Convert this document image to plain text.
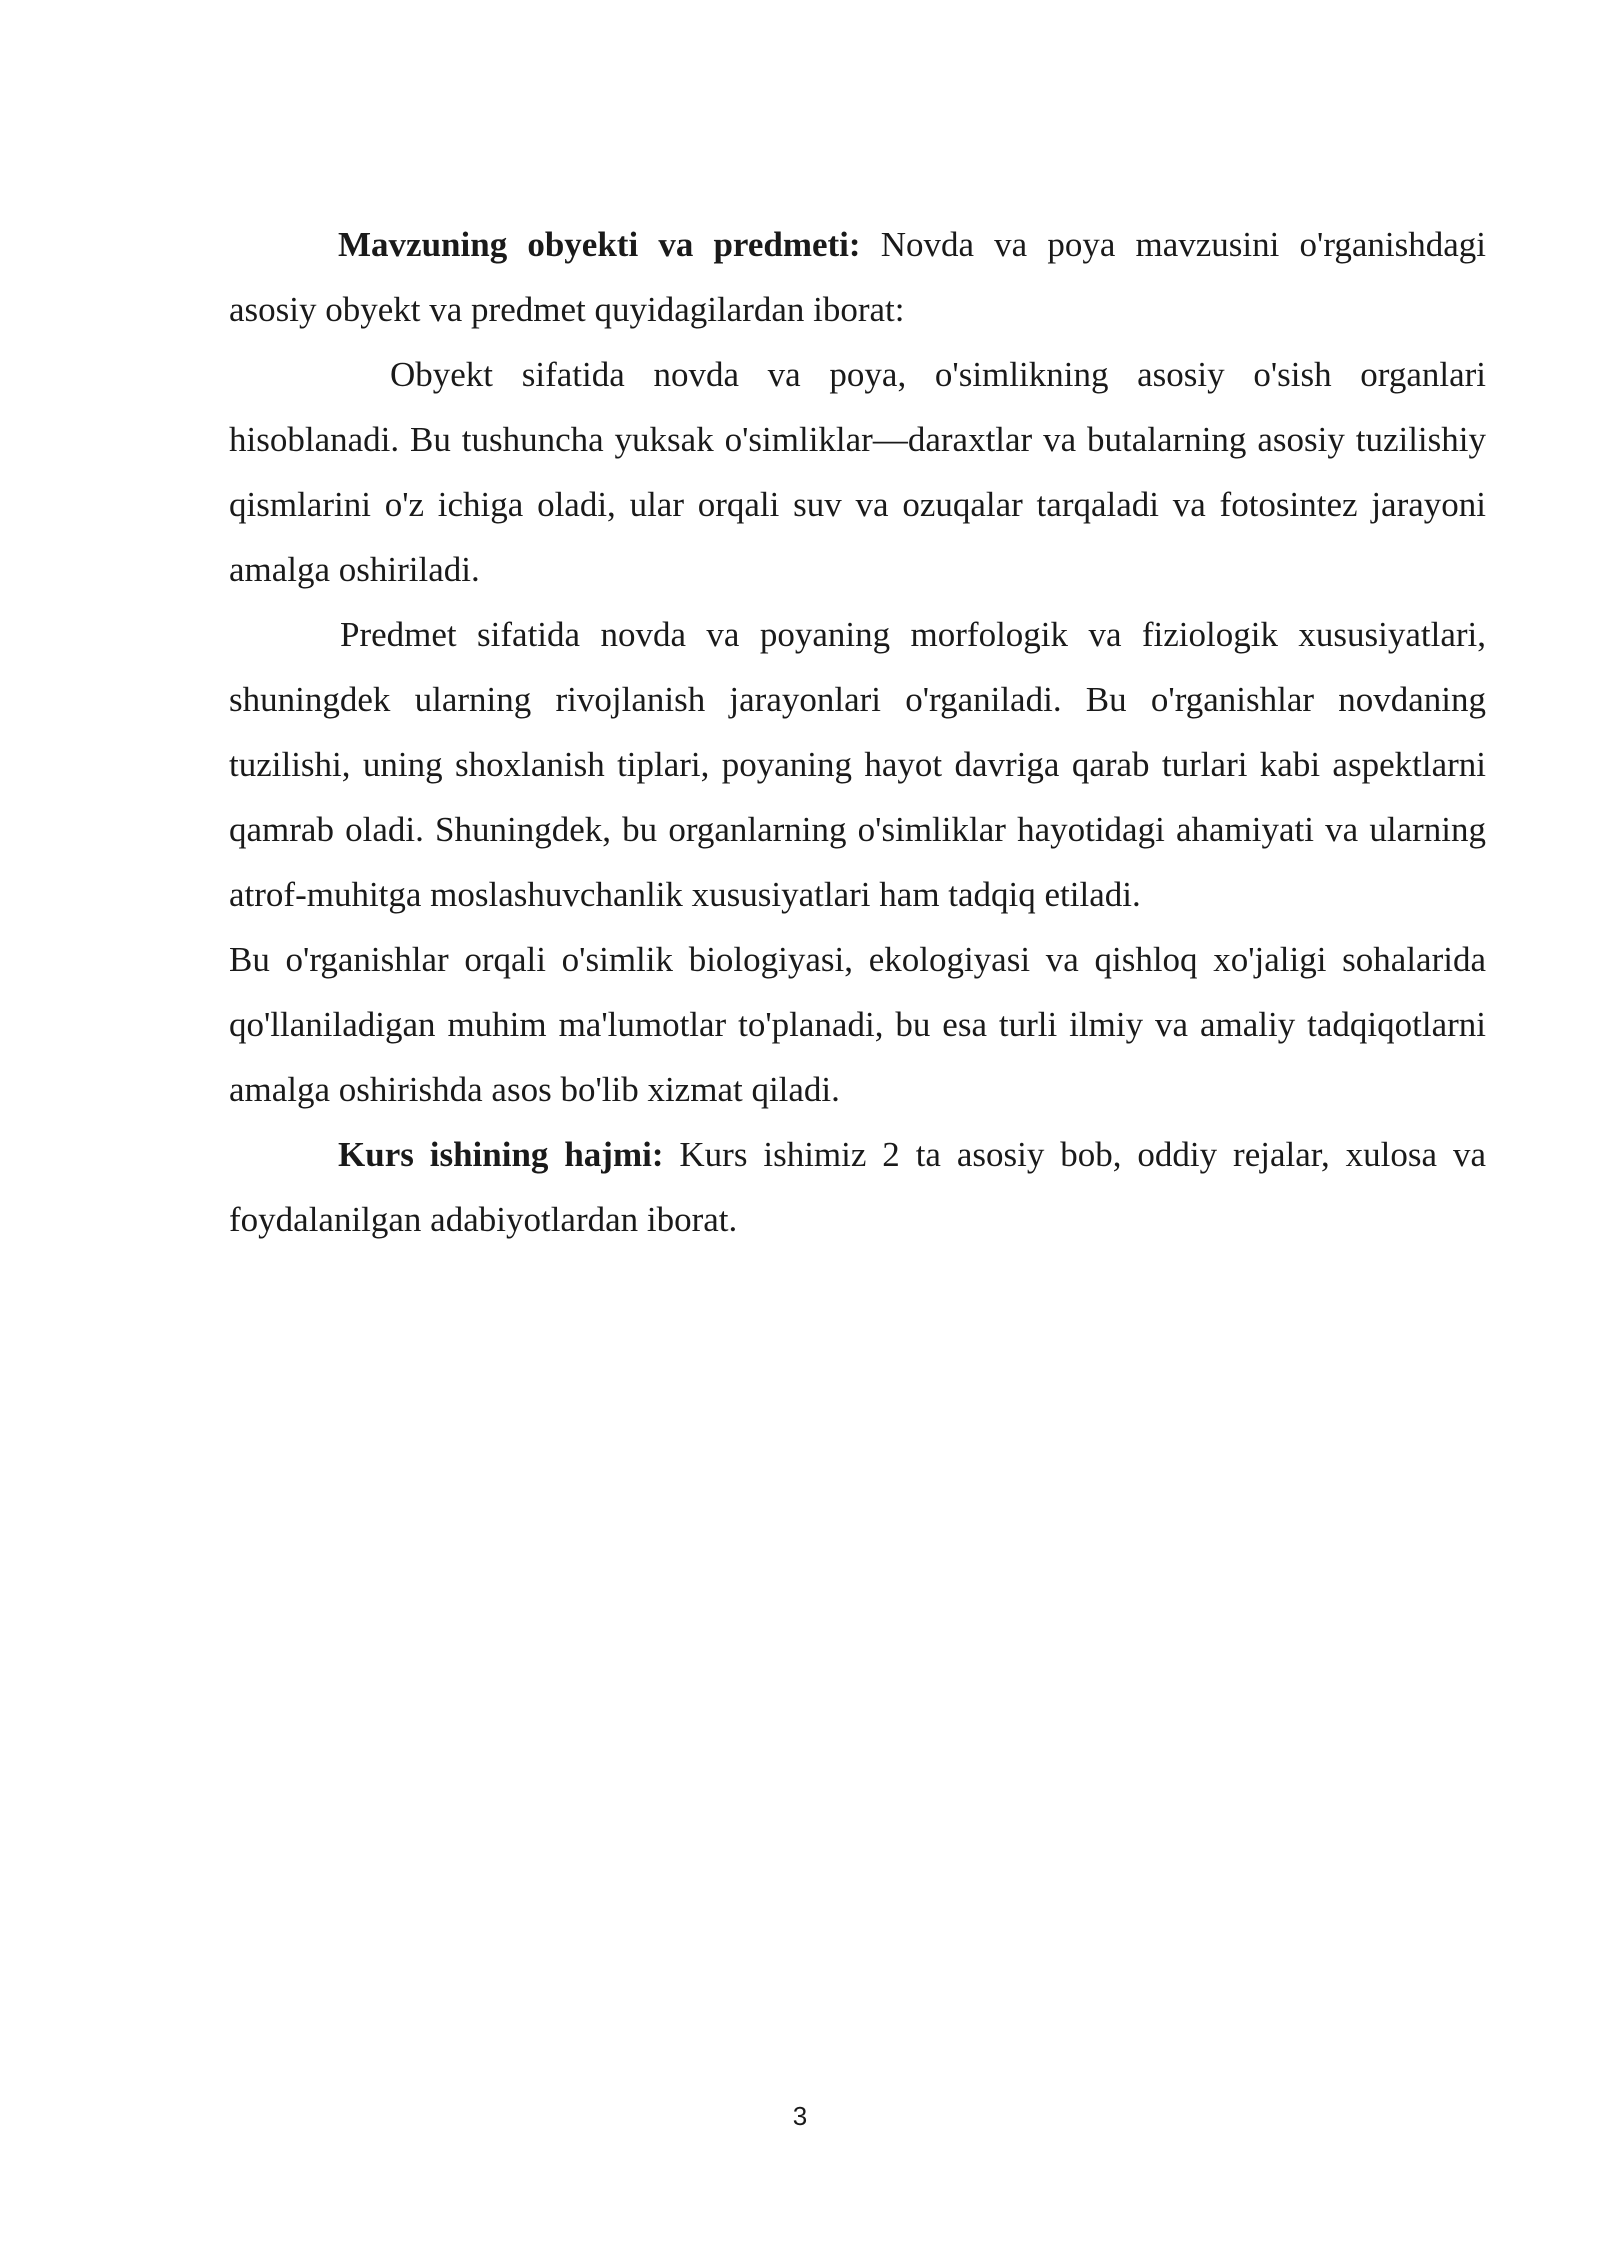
Mavzuning obyekti va predmeti: Novda va poya mavzusini o'rganishdagi asosiy obyekt va predmet quyidagilardan iborat:

Obyekt sifatida novda va poya, o'simlikning asosiy o'sish organlari hisoblanadi. Bu tushuncha yuksak o'simliklar—daraxtlar va butalarning asosiy tuzilishiy qismlarini o'z ichiga oladi, ular orqali suv va ozuqalar tarqaladi va fotosintez jarayoni amalga oshiriladi.

Predmet sifatida novda va poyaning morfologik va fiziologik xususiyatlari, shuningdek ularning rivojlanish jarayonlari o'rganiladi. Bu o'rganishlar novdaning tuzilishi, uning shoxlanish tiplari, poyaning hayot davriga qarab turlari kabi aspektlarni qamrab oladi. Shuningdek, bu organlarning o'simliklar hayotidagi ahamiyati va ularning atrof-muhitga moslashuvchanlik xususiyatlari ham tadqiq etiladi.

Bu o'rganishlar orqali o'simlik biologiyasi, ekologiyasi va qishloq xo'jaligi sohalarida qo'llaniladigan muhim ma'lumotlar to'planadi, bu esa turli ilmiy va amaliy tadqiqotlarni amalga oshirishda asos bo'lib xizmat qiladi.

Kurs ishining hajmi: Kurs ishimiz 2 ta asosiy bob, oddiy rejalar, xulosa va foydalanilgan adabiyotlardan iborat.

3
